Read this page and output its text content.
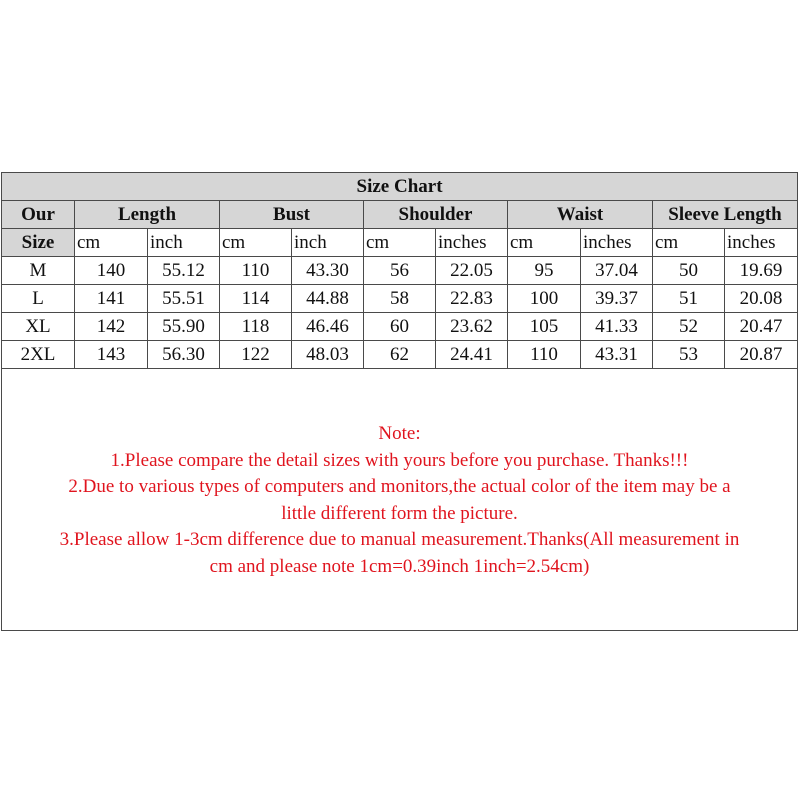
Size Chart										
Our	Length		Bust		Shoulder		Waist		Sleeve Length	
Size	cm	inch	cm	inch	cm	inches	cm	inches	cm	inches
M	140	55.12	110	43.30	56	22.05	95	37.04	50	19.69
L	141	55.51	114	44.88	58	22.83	100	39.37	51	20.08
XL	142	55.90	118	46.46	60	23.62	105	41.33	52	20.47
2XL	143	56.30	122	48.03	62	24.41	110	43.31	53	20.87
Note:
1.Please compare the detail sizes with yours before you purchase. Thanks!!!
2.Due to various types of computers and monitors,the actual color of the item may be a
little different form the picture.
3.Please allow 1-3cm difference due to manual measurement.Thanks(All measurement in
cm and please note 1cm=0.39inch 1inch=2.54cm)
